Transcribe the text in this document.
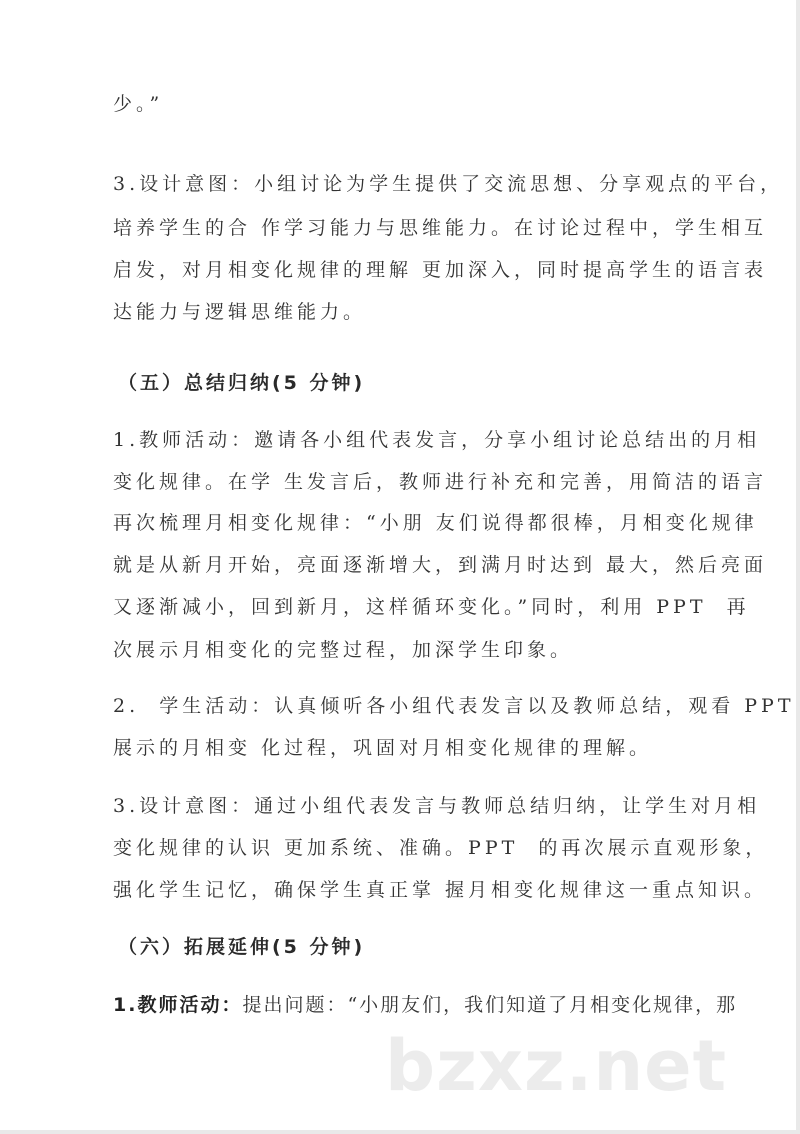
少。”
3.设计意图：小组讨论为学生提供了交流思想、分享观点的平台，
培养学生的合 作学习能力与思维能力。在讨论过程中，学生相互
启发，对月相变化规律的理解 更加深入，同时提高学生的语言表
达能力与逻辑思维能力。
（五）总结归纳(5 分钟)
1.教师活动：邀请各小组代表发言，分享小组讨论总结出的月相
变化规律。在学 生发言后，教师进行补充和完善，用简洁的语言
再次梳理月相变化规律：“小朋 友们说得都很棒，月相变化规律
就是从新月开始，亮面逐渐增大，到满月时达到 最大，然后亮面
又逐渐减小，回到新月，这样循环变化。”同时，利用 PPT  再
次展示月相变化的完整过程，加深学生印象。
2.  学生活动：认真倾听各小组代表发言以及教师总结，观看 PPT
展示的月相变 化过程，巩固对月相变化规律的理解。
3.设计意图：通过小组代表发言与教师总结归纳，让学生对月相
变化规律的认识 更加系统、准确。PPT  的再次展示直观形象，
强化学生记忆，确保学生真正掌 握月相变化规律这一重点知识。
（六）拓展延伸(5 分钟)
1.教师活动：提出问题：“小朋友们，我们知道了月相变化规律，那
bzxz.net
